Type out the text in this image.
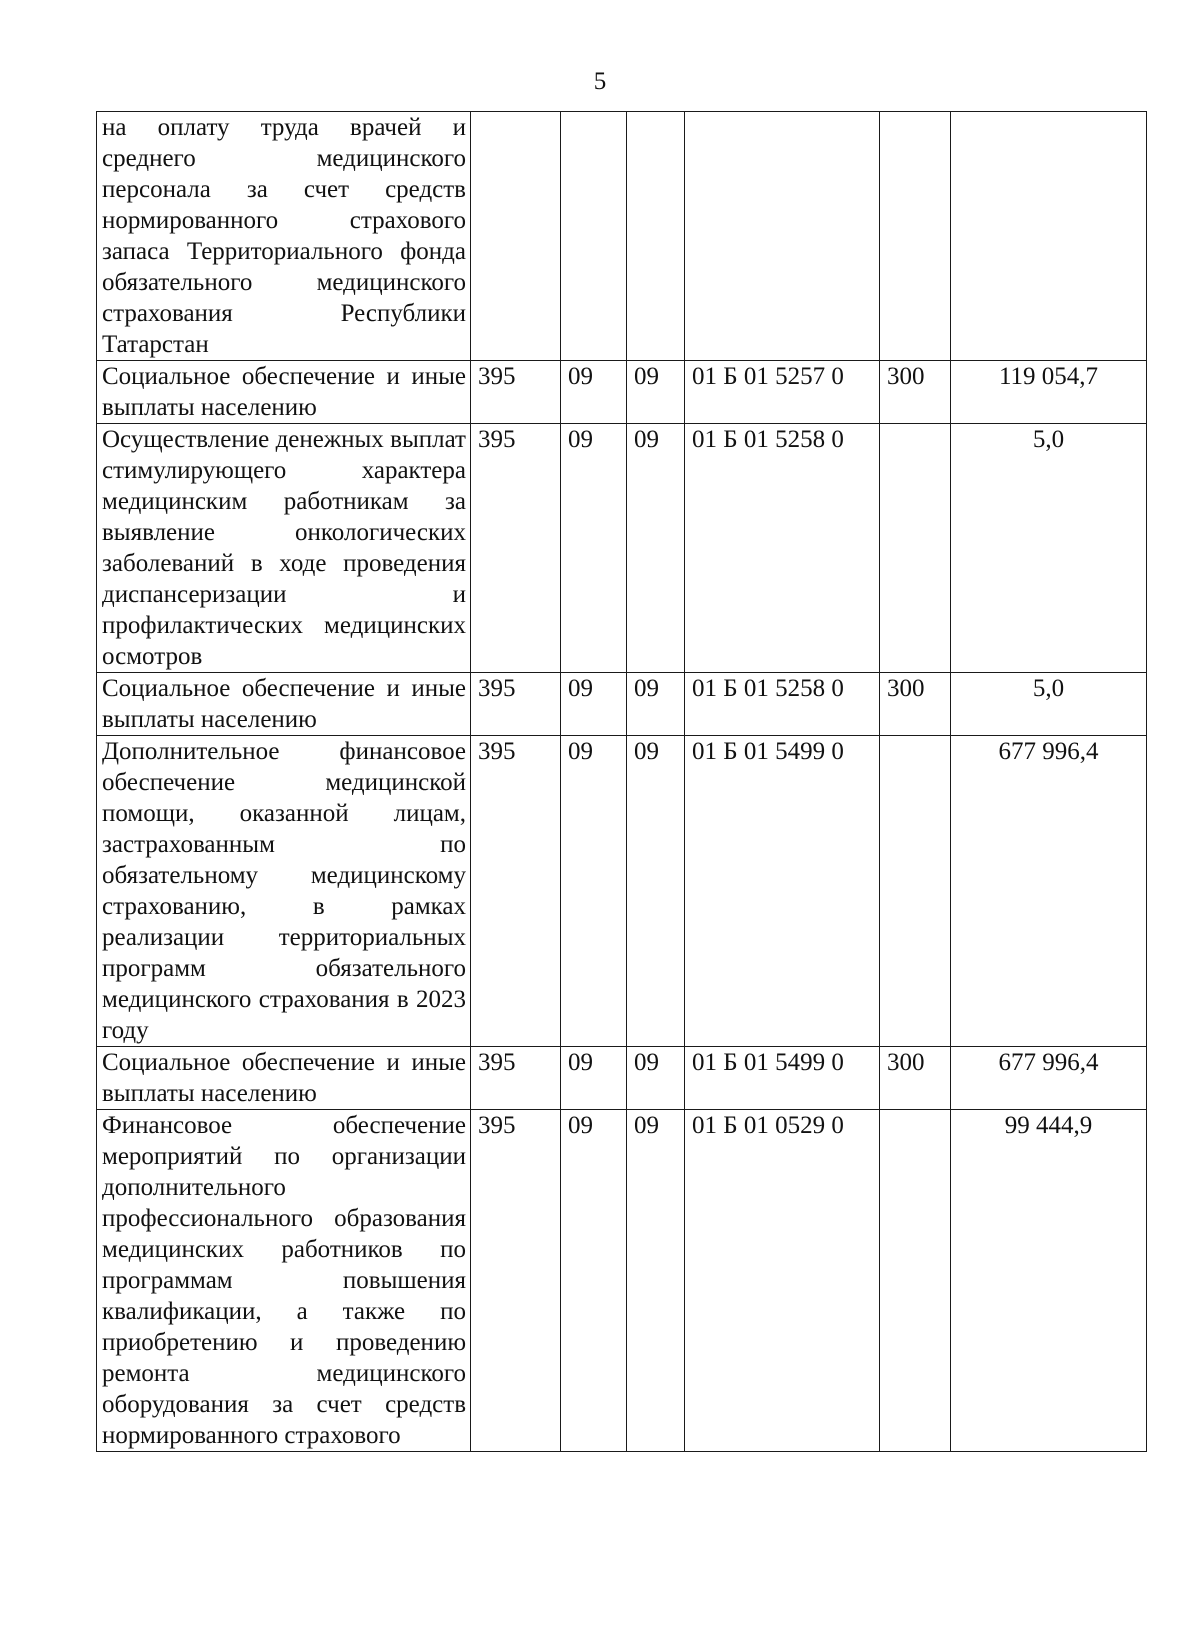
5
на оплату труда врачей и среднего медицинского персонала за счет средств нормированного страхового запаса Территориального фонда обязательного медицинского страхования Республики Татарстан						
Социальное обеспечение и иные выплаты населению	395	09	09	01 Б 01 5257 0	300	119 054,7
Осуществление денежных выплат стимулирующего характера медицинским работникам за выявление онкологических заболеваний в ходе проведения диспансеризации и профилактических медицинских осмотров	395	09	09	01 Б 01 5258 0		5,0
Социальное обеспечение и иные выплаты населению	395	09	09	01 Б 01 5258 0	300	5,0
Дополнительное финансовое обеспечение медицинской помощи, оказанной лицам, застрахованным по обязательному медицинскому страхованию, в рамках реализации территориальных программ обязательного медицинского страхования в 2023 году	395	09	09	01 Б 01 5499 0		677 996,4
Социальное обеспечение и иные выплаты населению	395	09	09	01 Б 01 5499 0	300	677 996,4
Финансовое обеспечение мероприятий по организации дополнительного профессионального образования медицинских работников по программам повышения квалификации, а также по приобретению и проведению ремонта медицинского оборудования за счет средств нормированного страхового	395	09	09	01 Б 01 0529 0		99 444,9
